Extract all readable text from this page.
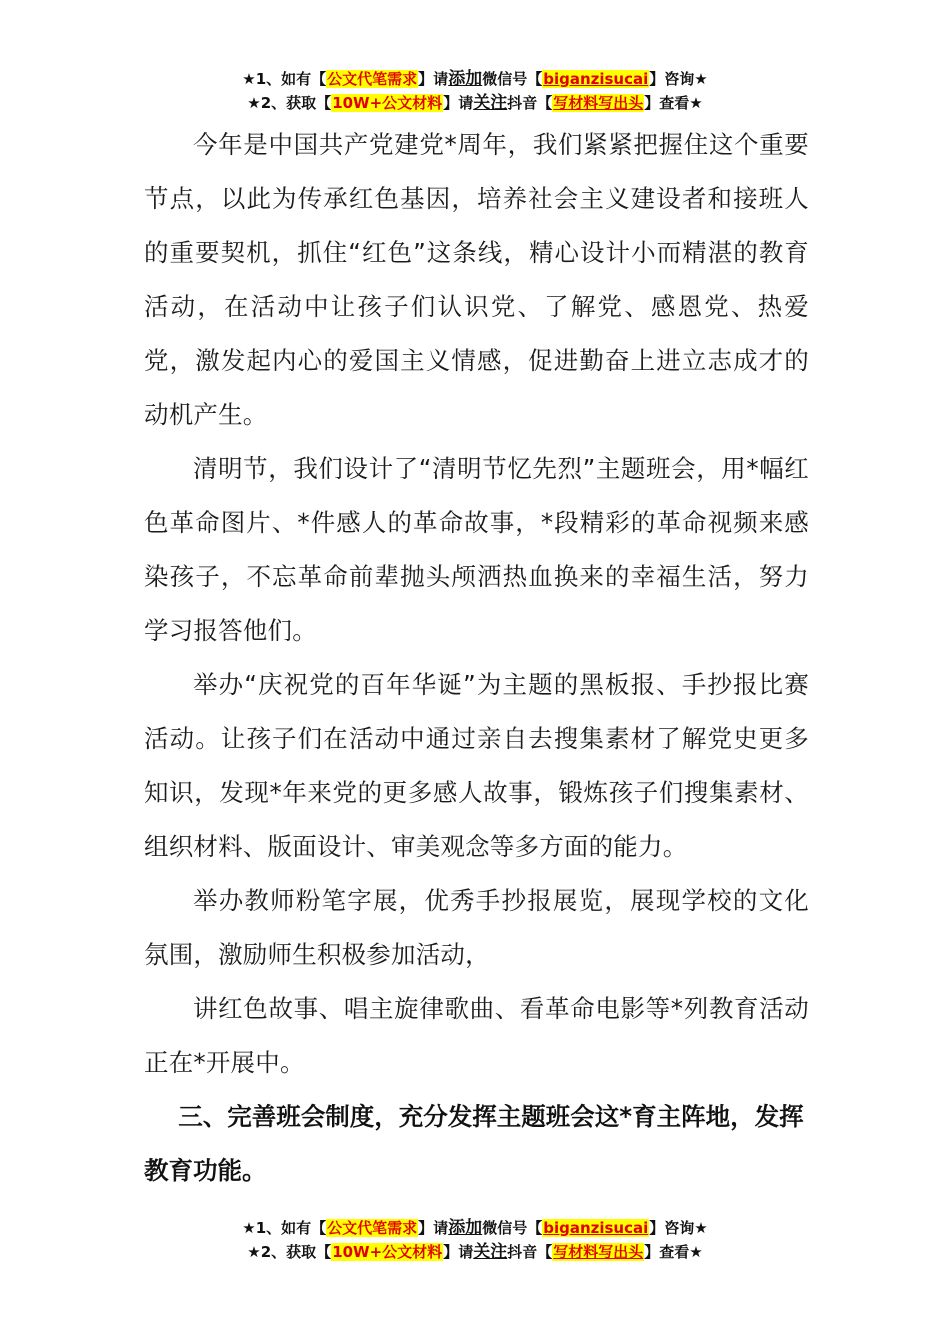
★1、如有【公文代笔需求】请添加微信号【biganzisucai】咨询★
★2、获取【10W+公文材料】请关注抖音【写材料写出头】查看★

今年是中国共产党建党*周年，我们紧紧把握住这个重要节点，以此为传承红色基因，培养社会主义建设者和接班人的重要契机，抓住“红色”这条线，精心设计小而精湛的教育活动，在活动中让孩子们认识党、了解党、感恩党、热爱党，激发起内心的爱国主义情感，促进勤奋上进立志成才的动机产生。

清明节，我们设计了“清明节忆先烈”主题班会，用*幅红色革命图片、*件感人的革命故事，*段精彩的革命视频来感染孩子，不忘革命前辈抛头颅洒热血换来的幸福生活，努力学习报答他们。

举办“庆祝党的百年华诞”为主题的黑板报、手抄报比赛活动。让孩子们在活动中通过亲自去搜集素材了解党史更多知识，发现*年来党的更多感人故事，锻炼孩子们搜集素材、组织材料、版面设计、审美观念等多方面的能力。

举办教师粉笔字展，优秀手抄报展览，展现学校的文化氛围，激励师生积极参加活动，

讲红色故事、唱主旋律歌曲、看革命电影等*列教育活动正在*开展中。

三、完善班会制度，充分发挥主题班会这*育主阵地，发挥教育功能。

★1、如有【公文代笔需求】请添加微信号【biganzisucai】咨询★
★2、获取【10W+公文材料】请关注抖音【写材料写出头】查看★
